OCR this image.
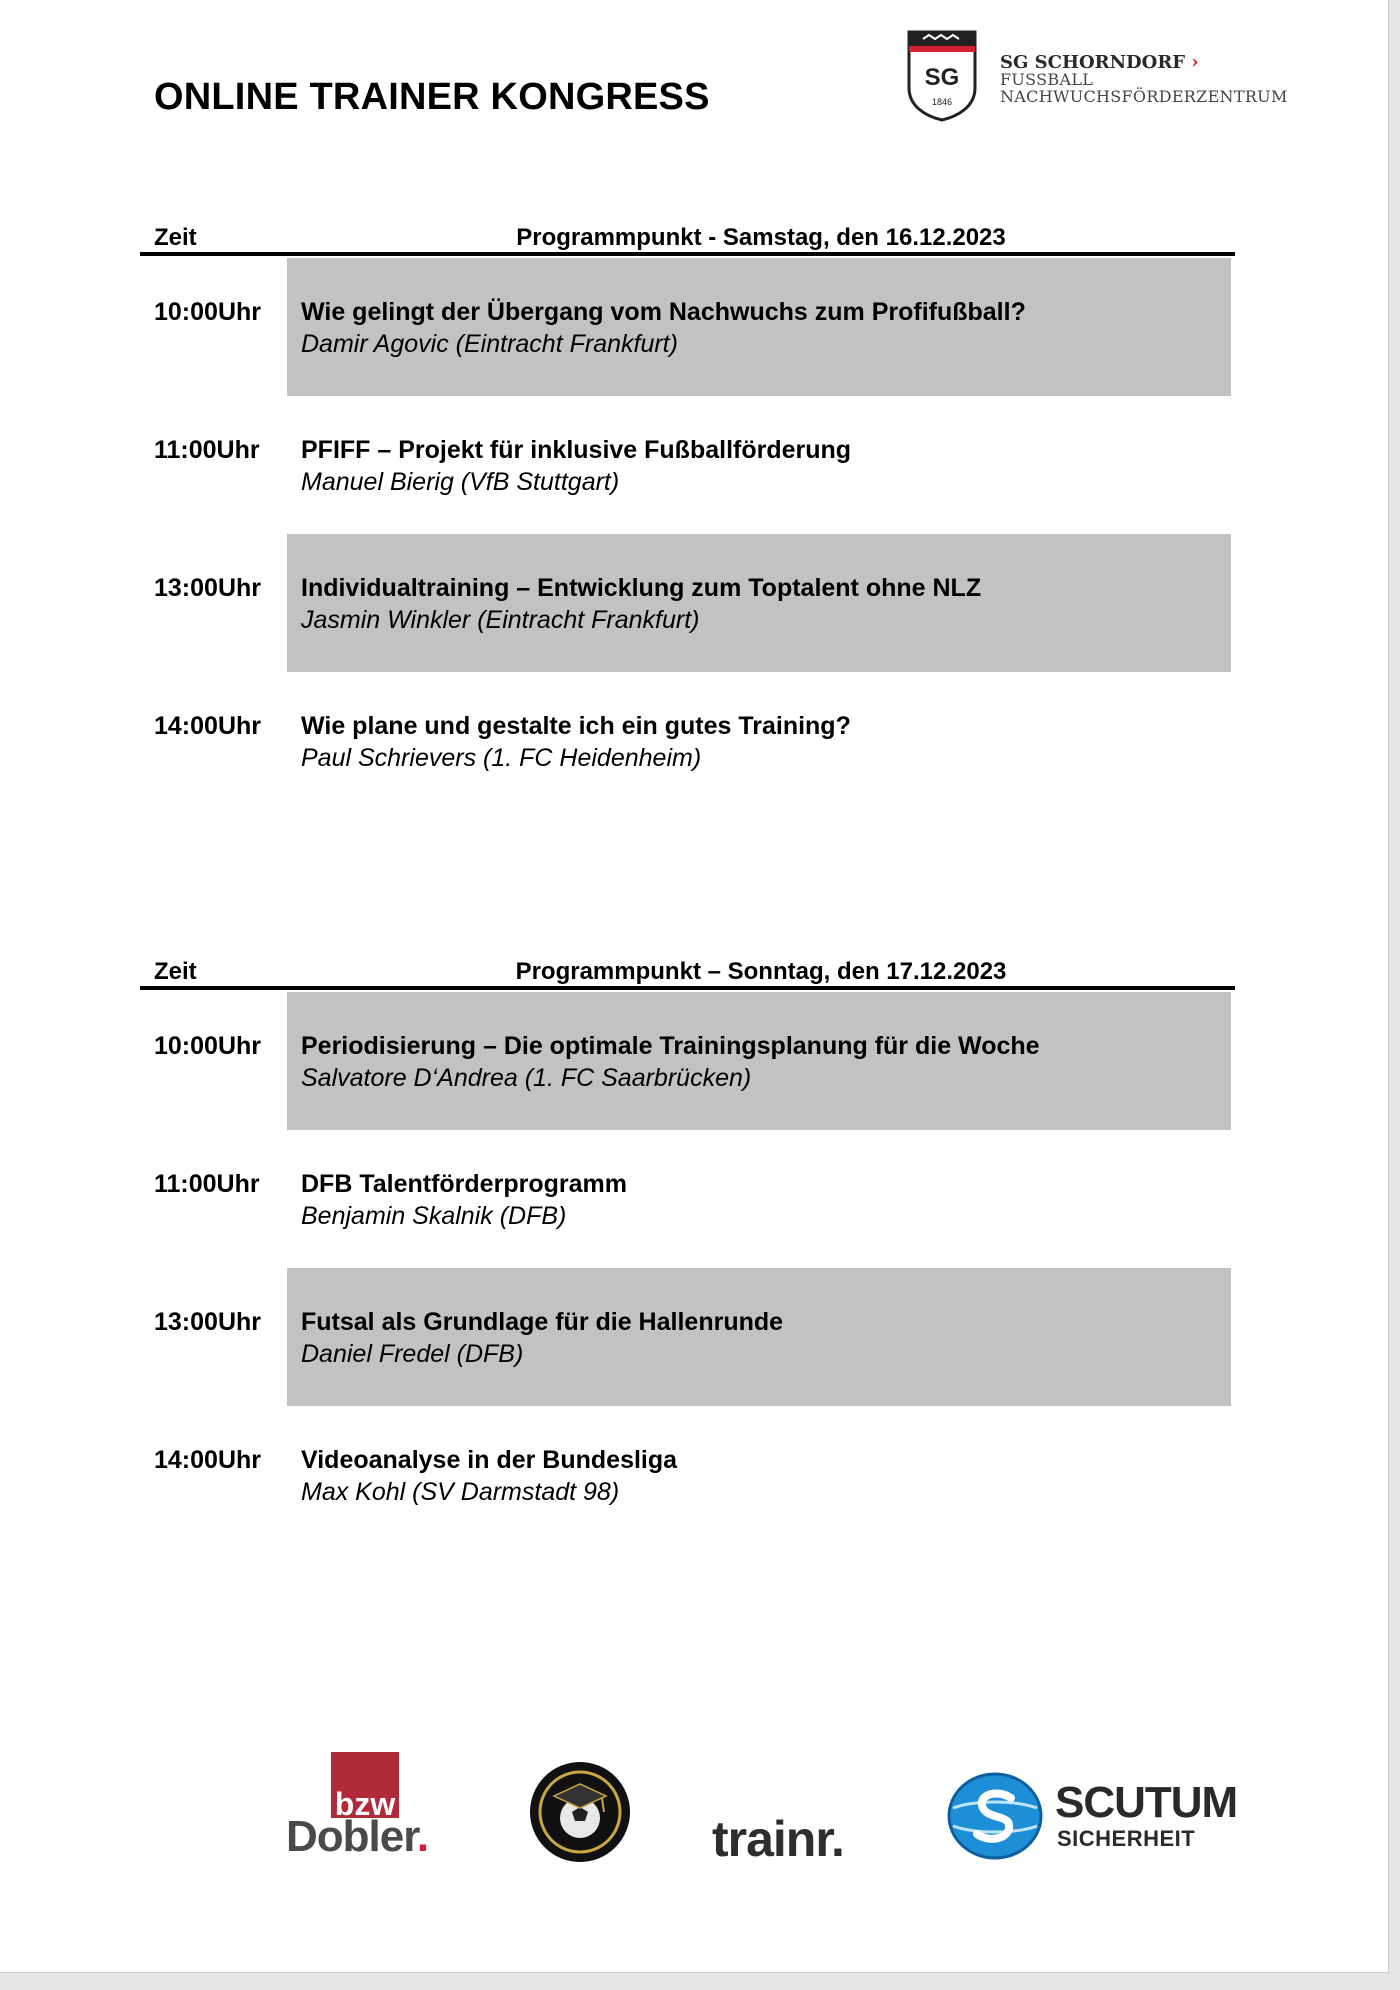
ONLINE TRAINER KONGRESS	SG
1846
SG SCHORNDORF ›
FUSSBALL
NACHWUCHSFÖRDERZENTRUM
Zeit	Programmpunkt - Samstag, den 16.12.2023
10:00Uhr Wie gelingt der Übergang vom Nachwuchs zum Profifußball?
Damir Agovic (Eintracht Frankfurt)
11:00Uhr PFIFF – Projekt für inklusive Fußballförderung
Manuel Bierig (VfB Stuttgart)
13:00Uhr Individualtraining – Entwicklung zum Toptalent ohne NLZ
Jasmin Winkler (Eintracht Frankfurt)
14:00Uhr Wie plane und gestalte ich ein gutes Training?
Paul Schrievers (1. FC Heidenheim)
Zeit	Programmpunkt – Sonntag, den 17.12.2023
10:00Uhr Periodisierung – Die optimale Trainingsplanung für die Woche
Salvatore D‘Andrea (1. FC Saarbrücken)
11:00Uhr DFB Talentförderprogramm
Benjamin Skalnik (DFB)
13:00Uhr Futsal als Grundlage für die Hallenrunde
Daniel Fredel (DFB)
14:00Uhr Videoanalyse in der Bundesliga
Max Kohl (SV Darmstadt 98)
bzw
Dobler.	trainr.
SCUTUM
SICHERHEIT
